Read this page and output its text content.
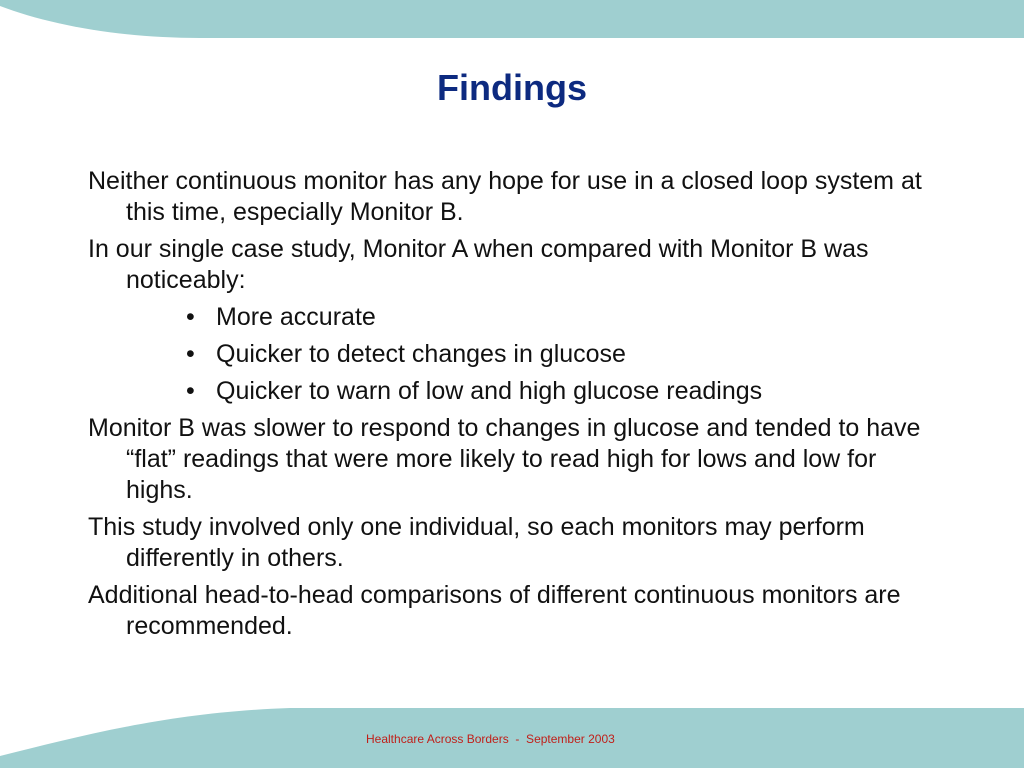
Findings

Neither continuous monitor has any hope for use in a closed loop system at this time, especially Monitor B.

In our single case study, Monitor A when compared with Monitor B was noticeably:

• More accurate
• Quicker to detect changes in glucose
• Quicker to warn of low and high glucose readings

Monitor B was slower to respond to changes in glucose and tended to have “flat” readings that were more likely to read high for lows and low for highs.

This study involved only one individual, so each monitors may perform differently in others.

Additional head-to-head comparisons of different continuous monitors are recommended.

Healthcare Across Borders  -  September 2003
